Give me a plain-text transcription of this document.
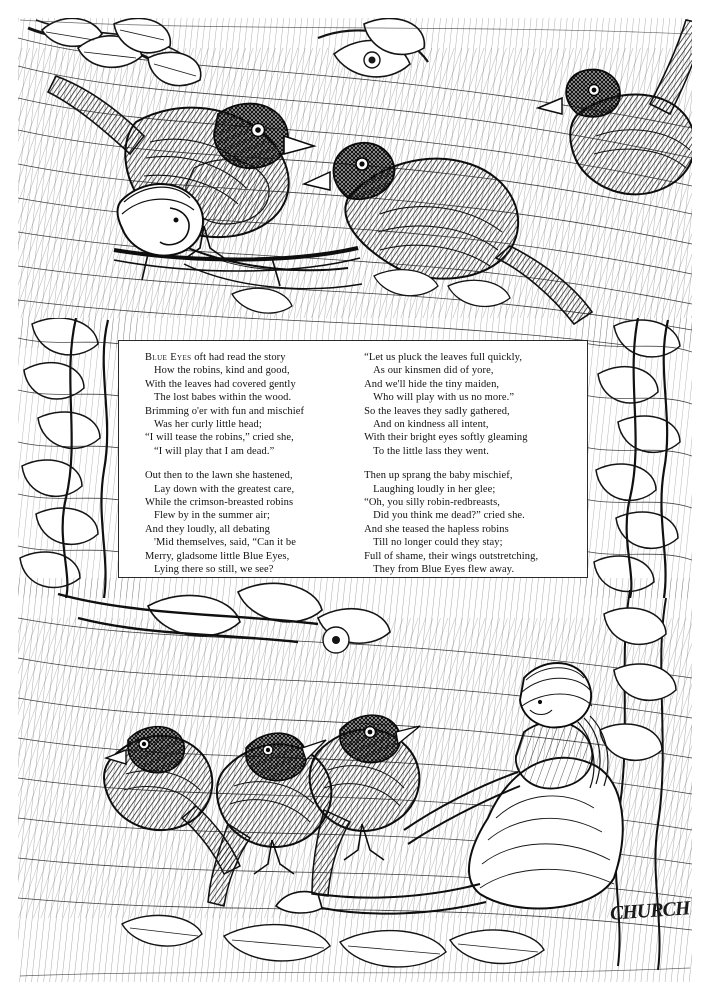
Blue Eyes oft had read the story
How the robins, kind and good,
With the leaves had covered gently
The lost babes within the wood.
Brimming o'er with fun and mischief
Was her curly little head;
“I will tease the robins,” cried she,
“I will play that I am dead.”
Out then to the lawn she hastened,
Lay down with the greatest care,
While the crimson-breasted robins
Flew by in the summer air;
And they loudly, all debating
'Mid themselves, said, “Can it be
Merry, gladsome little Blue Eyes,
Lying there so still, we see?
“Let us pluck the leaves full quickly,
As our kinsmen did of yore,
And we'll hide the tiny maiden,
Who will play with us no more.”
So the leaves they sadly gathered,
And on kindness all intent,
With their bright eyes softly gleaming
To the little lass they went.
Then up sprang the baby mischief,
Laughing loudly in her glee;
“Oh, you silly robin-redbreasts,
Did you think me dead?” cried she.
And she teased the hapless robins
Till no longer could they stay;
Full of shame, their wings outstretching,
They from Blue Eyes flew away.
CHURCH
